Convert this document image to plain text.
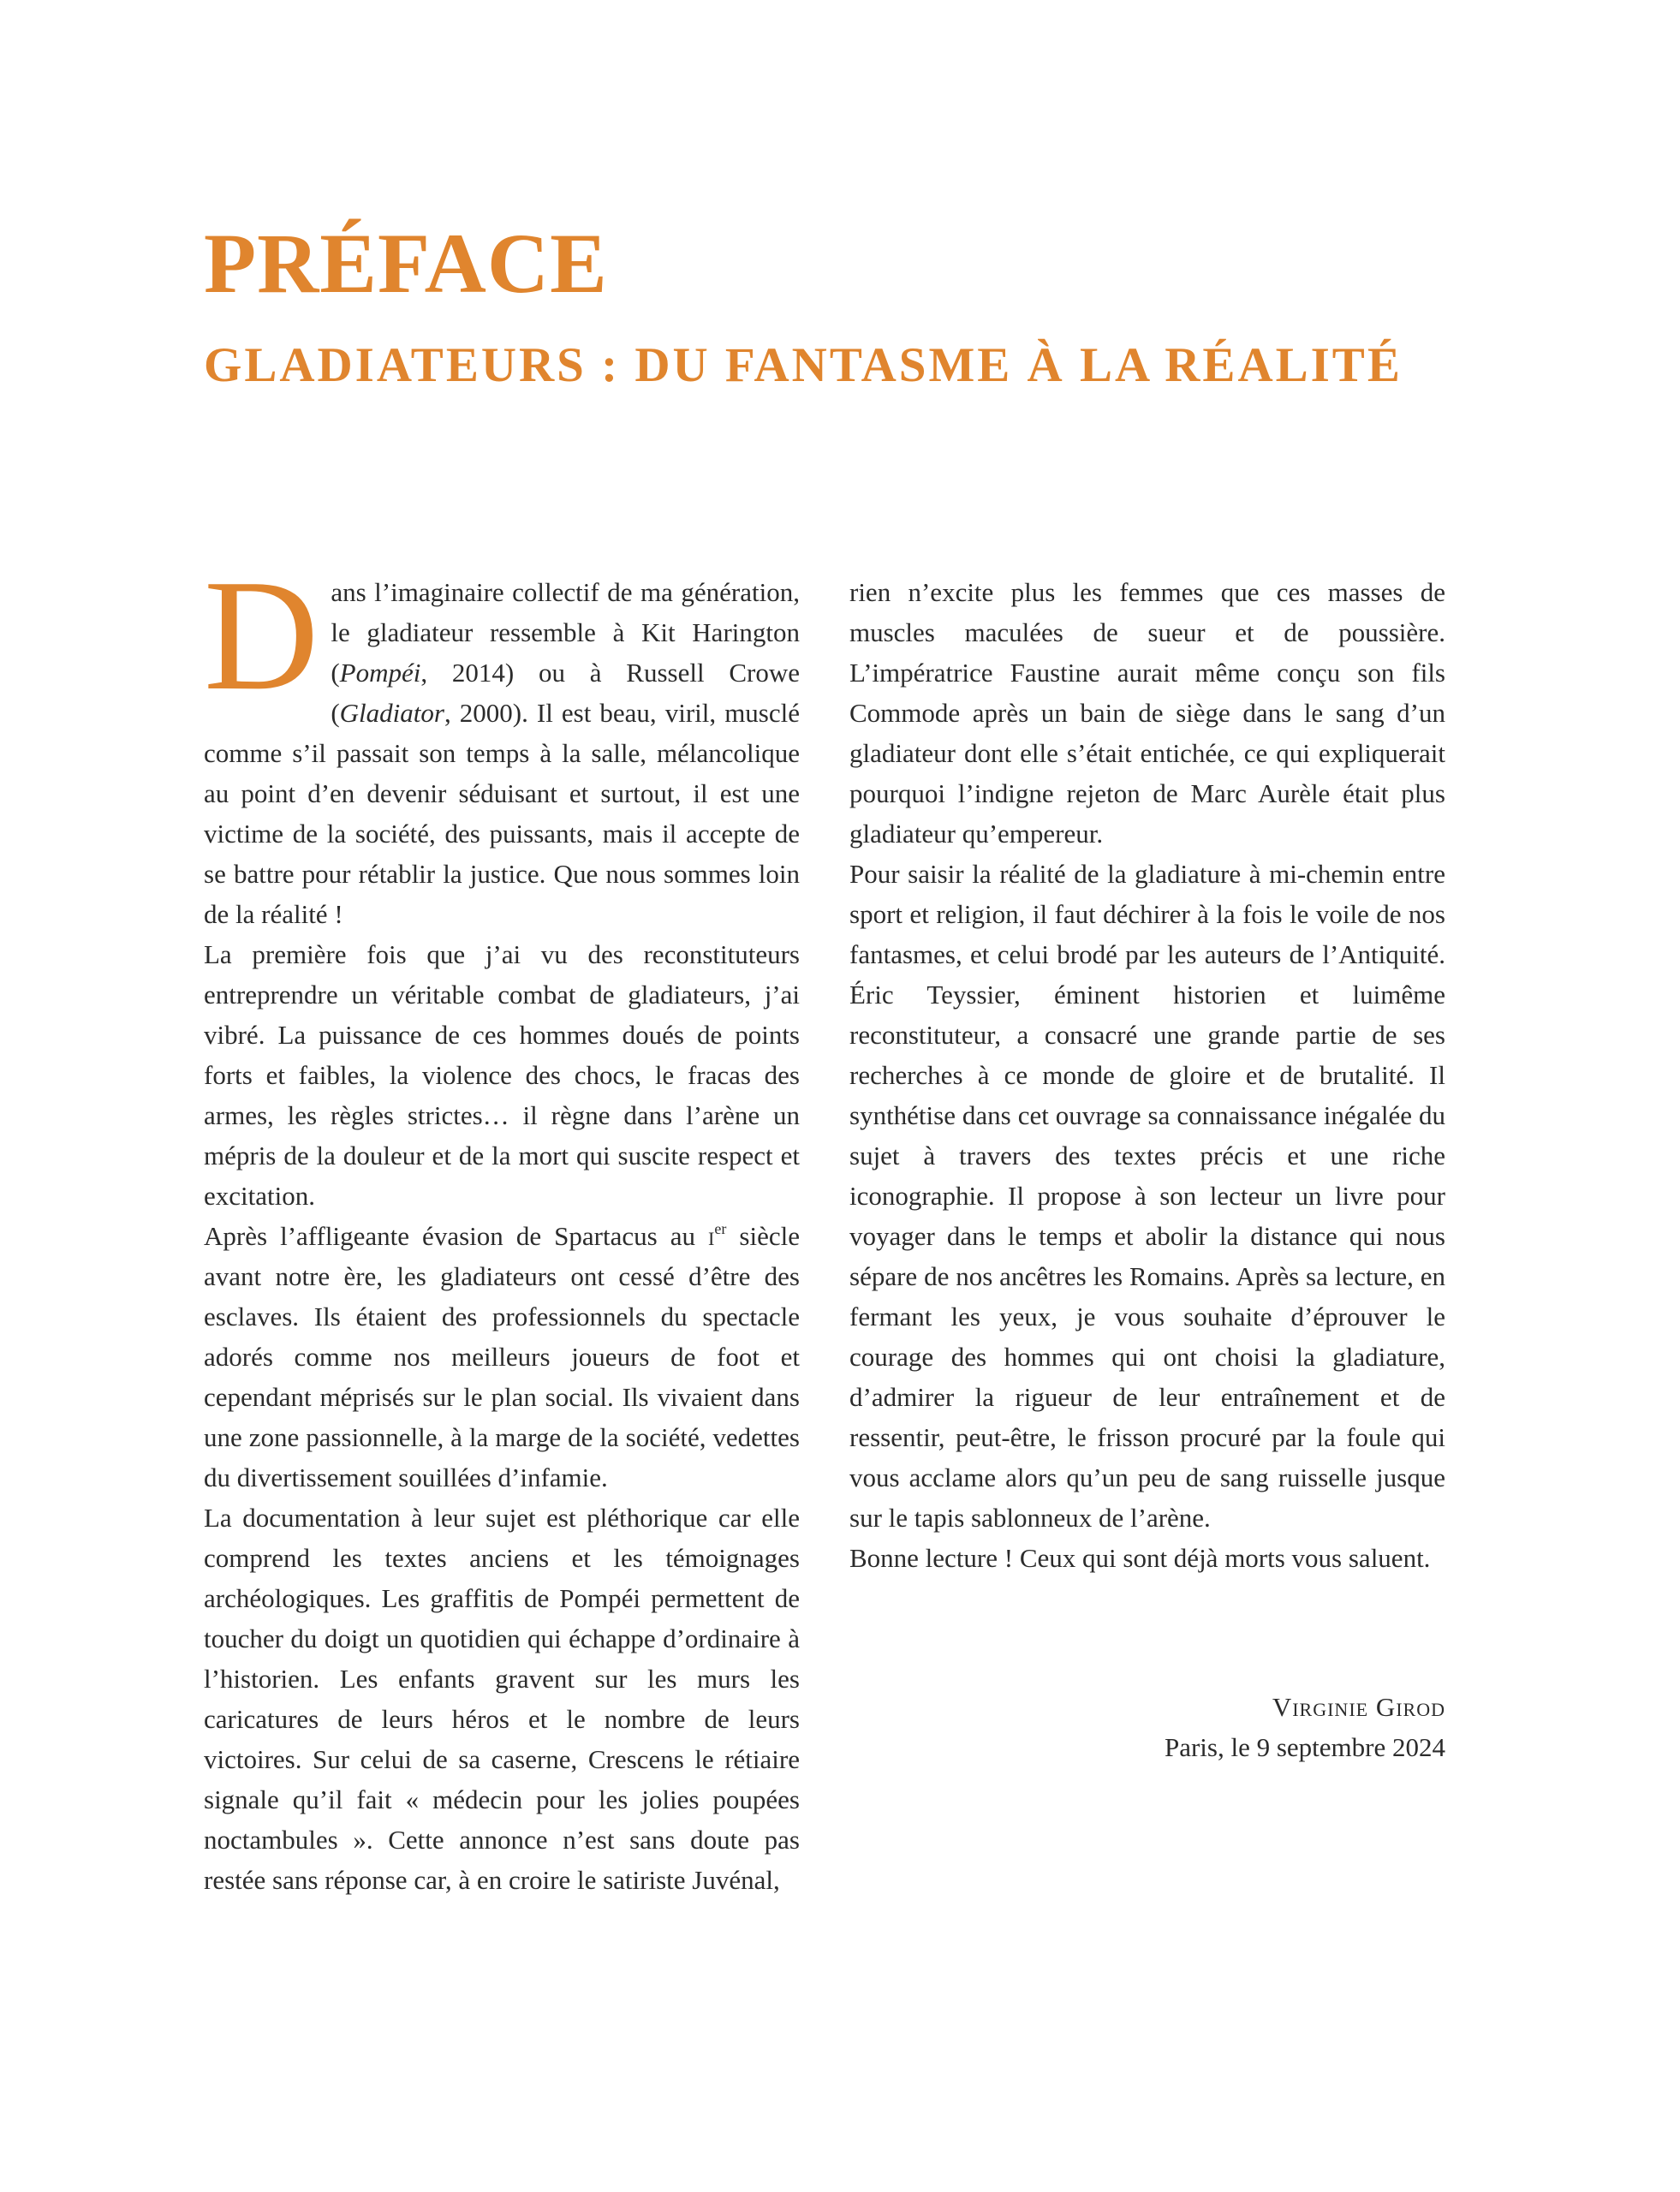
PRÉFACE
GLADIATEURS : DU FANTASME À LA RÉALITÉ

Dans l’imaginaire collectif de ma génération, le gladiateur ressemble à Kit Harington (Pompéi, 2014) ou à Russell Crowe (Gladiator, 2000). Il est beau, viril, musclé comme s’il passait son temps à la salle, mélancolique au point d’en devenir séduisant et surtout, il est une victime de la société, des puissants, mais il accepte de se battre pour rétablir la justice. Que nous sommes loin de la réalité !

La première fois que j’ai vu des reconstituteurs entreprendre un véritable combat de gladiateurs, j’ai vibré. La puissance de ces hommes doués de points forts et faibles, la violence des chocs, le fracas des armes, les règles strictes… il règne dans l’arène un mépris de la douleur et de la mort qui suscite respect et excitation.

Après l’affligeante évasion de Spartacus au $i^{er}$ siècle avant notre ère, les gladiateurs ont cessé d’être des esclaves. Ils étaient des professionnels du spectacle adorés comme nos meilleurs joueurs de foot et cependant méprisés sur le plan social. Ils vivaient dans une zone passionnelle, à la marge de la société, vedettes du divertissement souillées d’infamie.

La documentation à leur sujet est pléthorique car elle comprend les textes anciens et les témoignages archéologiques. Les graffitis de Pompéi permettent de toucher du doigt un quotidien qui échappe d’ordinaire à l’historien. Les enfants gravent sur les murs les caricatures de leurs héros et le nombre de leurs victoires. Sur celui de sa caserne, Crescens le rétiaire signale qu’il fait « médecin pour les jolies poupées noctambules ». Cette annonce n’est sans doute pas restée sans réponse car, à en croire le satiriste Juvénal,

rien n’excite plus les femmes que ces masses de muscles maculées de sueur et de poussière. L’impératrice Faustine aurait même conçu son fils Commode après un bain de siège dans le sang d’un gladiateur dont elle s’était entichée, ce qui expliquerait pourquoi l’indigne rejeton de Marc Aurèle était plus gladiateur qu’empereur.

Pour saisir la réalité de la gladiature à mi-chemin entre sport et religion, il faut déchirer à la fois le voile de nos fantasmes, et celui brodé par les auteurs de l’Antiquité. Éric Teyssier, éminent historien et luimême reconstituteur, a consacré une grande partie de ses recherches à ce monde de gloire et de brutalité. Il synthétise dans cet ouvrage sa connaissance inégalée du sujet à travers des textes précis et une riche iconographie. Il propose à son lecteur un livre pour voyager dans le temps et abolir la distance qui nous sépare de nos ancêtres les Romains. Après sa lecture, en fermant les yeux, je vous souhaite d’éprouver le courage des hommes qui ont choisi la gladiature, d’admirer la rigueur de leur entraînement et de ressentir, peut-être, le frisson procuré par la foule qui vous acclame alors qu’un peu de sang ruisselle jusque sur le tapis sablonneux de l’arène.

Bonne lecture ! Ceux qui sont déjà morts vous saluent.

Virginie Girod
Paris, le 9 septembre 2024
